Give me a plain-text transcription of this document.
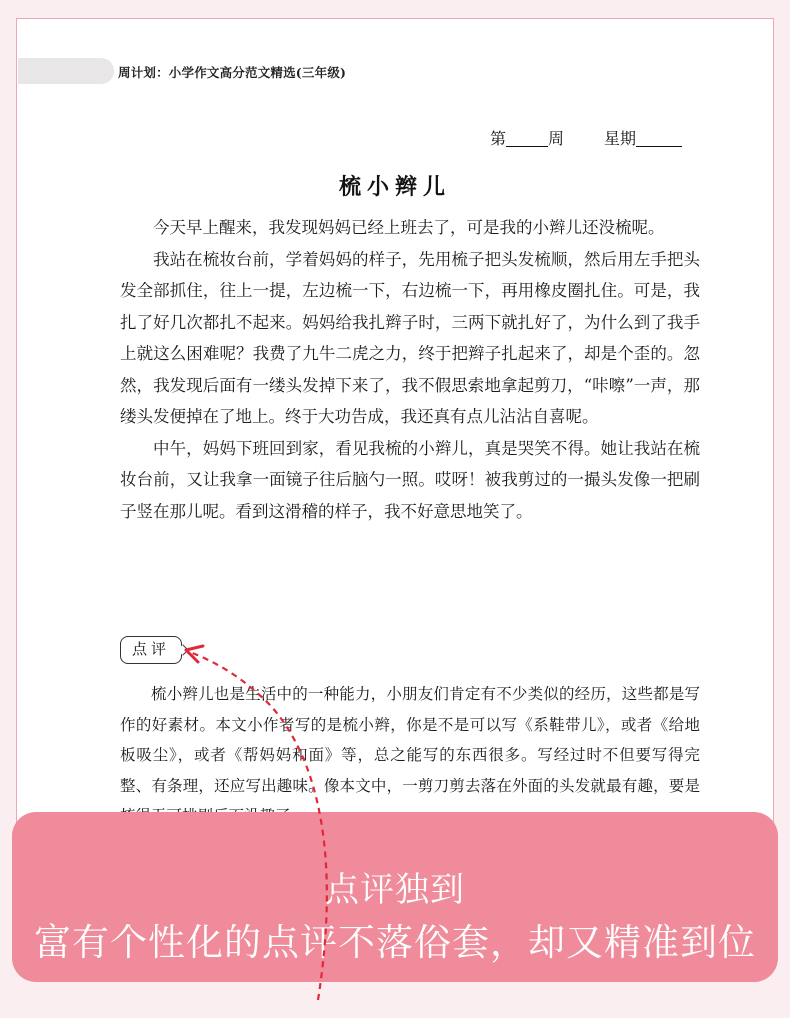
周计划：小学作文高分范文精选(三年级)
第	周	星期
梳小辫儿

今天早上醒来，我发现妈妈已经上班去了，可是我的小辫儿还没梳呢。

我站在梳妆台前，学着妈妈的样子，先用梳子把头发梳顺，然后用左手把头发全部抓住，往上一提，左边梳一下，右边梳一下，再用橡皮圈扎住。可是，我扎了好几次都扎不起来。妈妈给我扎辫子时，三两下就扎好了，为什么到了我手上就这么困难呢？我费了九牛二虎之力，终于把辫子扎起来了，却是个歪的。忽然，我发现后面有一缕头发掉下来了，我不假思索地拿起剪刀，“咔嚓”一声，那缕头发便掉在了地上。终于大功告成，我还真有点儿沾沾自喜呢。

中午，妈妈下班回到家，看见我梳的小辫儿，真是哭笑不得。她让我站在梳妆台前，又让我拿一面镜子往后脑勺一照。哎呀！被我剪过的一撮头发像一把刷子竖在那儿呢。看到这滑稽的样子，我不好意思地笑了。

点评

梳小辫儿也是生活中的一种能力，小朋友们肯定有不少类似的经历，这些都是写作的好素材。本文小作者写的是梳小辫，你是不是可以写《系鞋带儿》，或者《给地板吸尘》，或者《帮妈妈和面》等，总之能写的东西很多。写经过时不但要写得完整、有条理，还应写出趣味。像本文中，一剪刀剪去落在外面的头发就最有趣，要是

点评独到
富有个性化的点评不落俗套，却又精准到位
